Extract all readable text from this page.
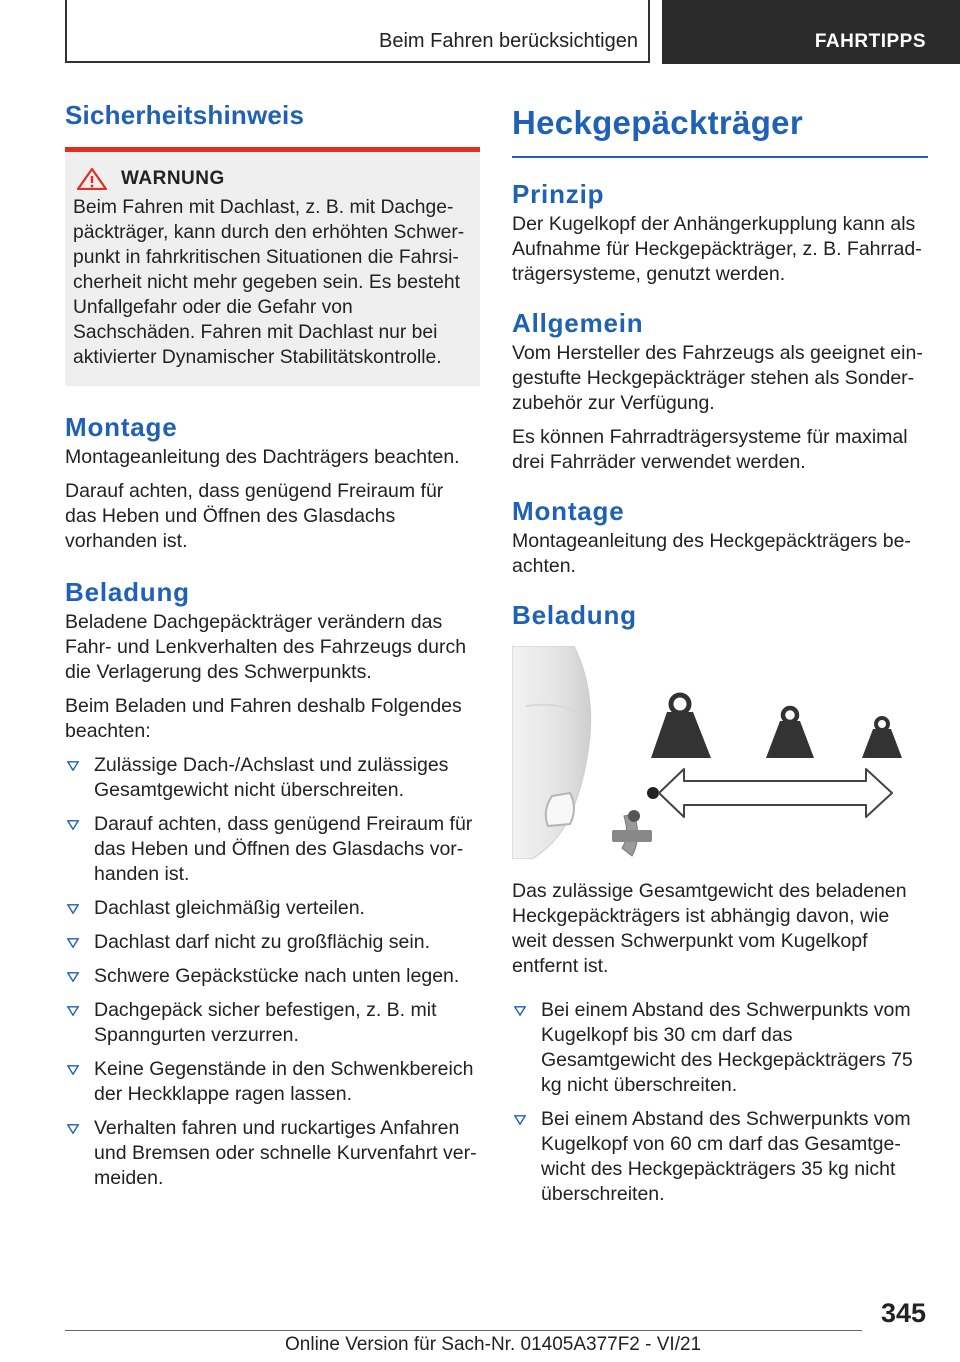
Beim Fahren berücksichtigen	FAHRTIPPS
Sicherheitshinweis
WARNUNG

Beim Fahren mit Dachlast, z. B. mit Dachgepäckträger, kann durch den erhöhten Schwerpunkt in fahrkritischen Situationen die Fahrsicherheit nicht mehr gegeben sein. Es besteht Unfallgefahr oder die Gefahr von Sachschäden. Fahren mit Dachlast nur bei aktivierter Dynamischer Stabilitätskontrolle.

Montage

Montageanleitung des Dachträgers beachten.

Darauf achten, dass genügend Freiraum für das Heben und Öffnen des Glasdachs vorhanden ist.

Beladung

Beladene Dachgepäckträger verändern das Fahr- und Lenkverhalten des Fahrzeugs durch die Verlagerung des Schwerpunkts.

Beim Beladen und Fahren deshalb Folgendes beachten:

Zulässige Dach-/Achslast und zulässiges Gesamtgewicht nicht überschreiten.
Darauf achten, dass genügend Freiraum für das Heben und Öffnen des Glasdachs vorhanden ist.
Dachlast gleichmäßig verteilen.
Dachlast darf nicht zu großflächig sein.
Schwere Gepäckstücke nach unten legen.
Dachgepäck sicher befestigen, z. B. mit Spanngurten verzurren.
Keine Gegenstände in den Schwenkbereich der Heckklappe ragen lassen.
Verhalten fahren und ruckartiges Anfahren und Bremsen oder schnelle Kurvenfahrt vermeiden.
Heckgepäckträger
Prinzip

Der Kugelkopf der Anhängerkupplung kann als Aufnahme für Heckgepäckträger, z. B. Fahrradträgersysteme, genutzt werden.

Allgemein

Vom Hersteller des Fahrzeugs als geeignet eingestufte Heckgepäckträger stehen als Sonderzubehör zur Verfügung.

Es können Fahrradträgersysteme für maximal drei Fahrräder verwendet werden.

Montage

Montageanleitung des Heckgepäckträgers beachten.

Beladung

Das zulässige Gesamtgewicht des beladenen Heckgepäckträgers ist abhängig davon, wie weit dessen Schwerpunkt vom Kugelkopf entfernt ist.

Bei einem Abstand des Schwerpunkts vom Kugelkopf bis 30 cm darf das Gesamtgewicht des Heckgepäckträgers 75 kg nicht überschreiten.
Bei einem Abstand des Schwerpunkts vom Kugelkopf von 60 cm darf das Gesamtgewicht des Heckgepäckträgers 35 kg nicht überschreiten.
345
Online Version für Sach-Nr. 01405A377F2 - VI/21
